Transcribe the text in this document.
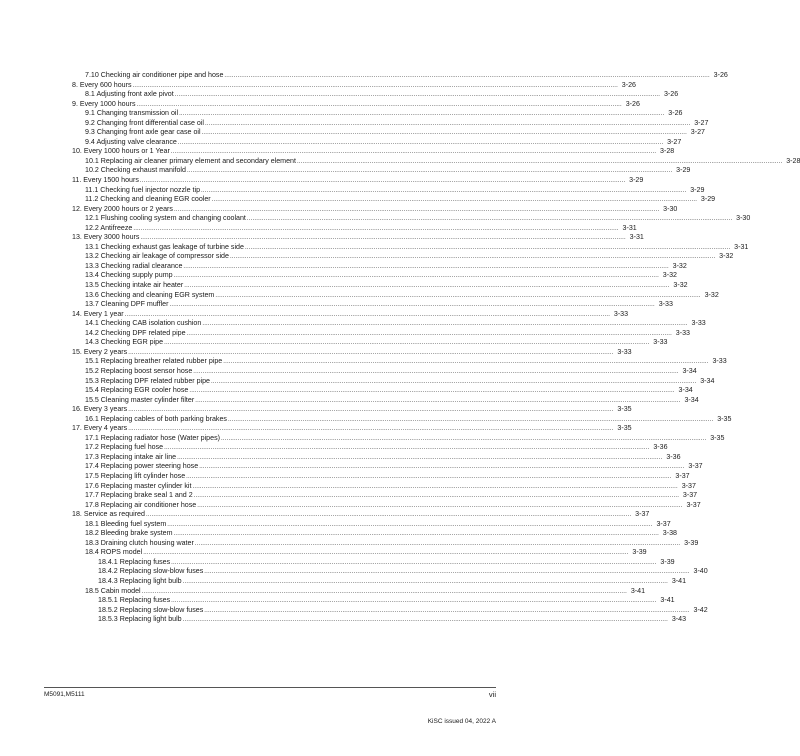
7.10 Checking air conditioner pipe and hose .................................................................................................................................................................................................................................................................... 3-26
8. Every 600 hours .................................................................................................................................................................................................................................................................... 3-26
8.1 Adjusting front axle pivot .................................................................................................................................................................................................................................................................... 3-26
9. Every 1000 hours .................................................................................................................................................................................................................................................................... 3-26
9.1 Changing transmission oil .................................................................................................................................................................................................................................................................... 3-26
9.2 Changing front differential case oil .................................................................................................................................................................................................................................................................... 3-27
9.3 Changing front axle gear case oil .................................................................................................................................................................................................................................................................... 3-27
9.4 Adjusting valve clearance .................................................................................................................................................................................................................................................................... 3-27
10. Every 1000 hours or 1 Year .................................................................................................................................................................................................................................................................... 3-28
10.1 Replacing air cleaner primary element and secondary element .................................................................................................................................................................................................................................................................... 3-28
10.2 Checking exhaust manifold .................................................................................................................................................................................................................................................................... 3-29
11. Every 1500 hours .................................................................................................................................................................................................................................................................... 3-29
11.1 Checking fuel injector nozzle tip .................................................................................................................................................................................................................................................................... 3-29
11.2 Checking and cleaning EGR cooler .................................................................................................................................................................................................................................................................... 3-29
12. Every 2000 hours or 2 years .................................................................................................................................................................................................................................................................... 3-30
12.1 Flushing cooling system and changing coolant .................................................................................................................................................................................................................................................................... 3-30
12.2 Antifreeze .................................................................................................................................................................................................................................................................... 3-31
13. Every 3000 hours .................................................................................................................................................................................................................................................................... 3-31
13.1 Checking exhaust gas leakage of turbine side .................................................................................................................................................................................................................................................................... 3-31
13.2 Checking air leakage of compressor side .................................................................................................................................................................................................................................................................... 3-32
13.3 Checking radial clearance .................................................................................................................................................................................................................................................................... 3-32
13.4 Checking supply pump .................................................................................................................................................................................................................................................................... 3-32
13.5 Checking intake air heater .................................................................................................................................................................................................................................................................... 3-32
13.6 Checking and cleaning EGR system .................................................................................................................................................................................................................................................................... 3-32
13.7 Cleaning DPF muffler .................................................................................................................................................................................................................................................................... 3-33
14. Every 1 year .................................................................................................................................................................................................................................................................... 3-33
14.1 Checking CAB isolation cushion .................................................................................................................................................................................................................................................................... 3-33
14.2 Checking DPF related pipe .................................................................................................................................................................................................................................................................... 3-33
14.3 Checking EGR pipe .................................................................................................................................................................................................................................................................... 3-33
15. Every 2 years .................................................................................................................................................................................................................................................................... 3-33
15.1 Replacing breather related rubber pipe .................................................................................................................................................................................................................................................................... 3-33
15.2 Replacing boost sensor hose .................................................................................................................................................................................................................................................................... 3-34
15.3 Replacing DPF related rubber pipe .................................................................................................................................................................................................................................................................... 3-34
15.4 Replacing EGR cooler hose .................................................................................................................................................................................................................................................................... 3-34
15.5 Cleaning master cylinder filter .................................................................................................................................................................................................................................................................... 3-34
16. Every 3 years .................................................................................................................................................................................................................................................................... 3-35
16.1 Replacing cables of both parking brakes .................................................................................................................................................................................................................................................................... 3-35
17. Every 4 years .................................................................................................................................................................................................................................................................... 3-35
17.1 Replacing radiator hose (Water pipes) .................................................................................................................................................................................................................................................................... 3-35
17.2 Replacing fuel hose .................................................................................................................................................................................................................................................................... 3-36
17.3 Replacing intake air line .................................................................................................................................................................................................................................................................... 3-36
17.4 Replacing power steering hose .................................................................................................................................................................................................................................................................... 3-37
17.5 Replacing lift cylinder hose .................................................................................................................................................................................................................................................................... 3-37
17.6 Replacing master cylinder kit .................................................................................................................................................................................................................................................................... 3-37
17.7 Replacing brake seal 1 and 2 .................................................................................................................................................................................................................................................................... 3-37
17.8 Replacing air conditioner hose .................................................................................................................................................................................................................................................................... 3-37
18. Service as required .................................................................................................................................................................................................................................................................... 3-37
18.1 Bleeding fuel system .................................................................................................................................................................................................................................................................... 3-37
18.2 Bleeding brake system .................................................................................................................................................................................................................................................................... 3-38
18.3 Draining clutch housing water .................................................................................................................................................................................................................................................................... 3-39
18.4 ROPS model .................................................................................................................................................................................................................................................................... 3-39
18.4.1 Replacing fuses .................................................................................................................................................................................................................................................................... 3-39
18.4.2 Replacing slow-blow fuses .................................................................................................................................................................................................................................................................... 3-40
18.4.3 Replacing light bulb .................................................................................................................................................................................................................................................................... 3-41
18.5 Cabin model .................................................................................................................................................................................................................................................................... 3-41
18.5.1 Replacing fuses .................................................................................................................................................................................................................................................................... 3-41
18.5.2 Replacing slow-blow fuses .................................................................................................................................................................................................................................................................... 3-42
18.5.3 Replacing light bulb .................................................................................................................................................................................................................................................................... 3-43
M5091,M5111	vii
KiSC issued 04, 2022 A
